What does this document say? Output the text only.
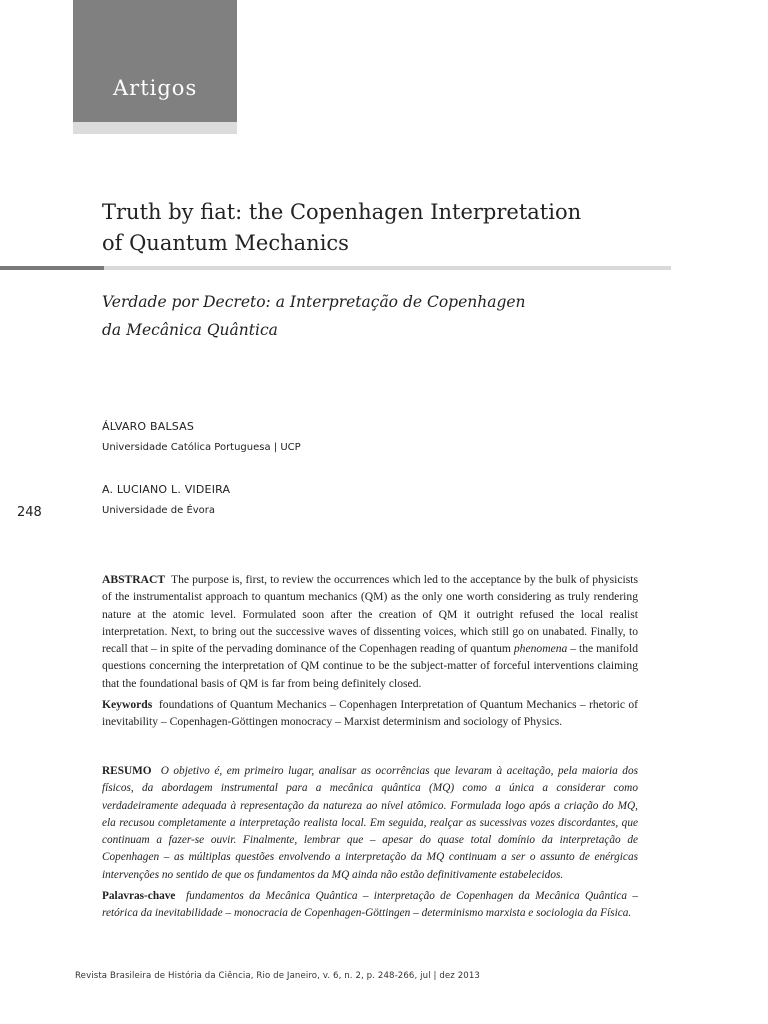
Artigos
Truth by fiat: the Copenhagen Interpretation
of Quantum Mechanics
Verdade por Decreto: a Interpretação de Copenhagen
da Mecânica Quântica
ÁLVARO BALSAS
Universidade Católica Portuguesa | UCP
A. LUCIANO L. VIDEIRA
Universidade de Évora
248
ABSTRACT The purpose is, first, to review the occurrences which led to the acceptance by the bulk of physicists of the instrumentalist approach to quantum mechanics (QM) as the only one worth considering as truly rendering nature at the atomic level. Formulated soon after the creation of QM it outright refused the local realist interpretation. Next, to bring out the successive waves of dissenting voices, which still go on unabated. Finally, to recall that – in spite of the pervading dominance of the Copenhagen reading of quantum phenomena – the manifold questions concerning the interpretation of QM continue to be the subject-matter of forceful interventions claiming that the foundational basis of QM is far from being definitely closed.
Keywords foundations of Quantum Mechanics – Copenhagen Interpretation of Quantum Mechanics – rhetoric of inevitability – Copenhagen-Göttingen monocracy – Marxist determinism and sociology of Physics.
RESUMO O objetivo é, em primeiro lugar, analisar as ocorrências que levaram à aceitação, pela maioria dos físicos, da abordagem instrumental para a mecânica quântica (MQ) como a única a considerar como verdadeiramente adequada à representação da natureza ao nível atômico. Formulada logo após a criação do MQ, ela recusou completamente a interpretação realista local. Em seguida, realçar as sucessivas vozes discordantes, que continuam a fazer-se ouvir. Finalmente, lembrar que – apesar do quase total domínio da interpretação de Copenhagen – as múltiplas questões envolvendo a interpretação da MQ continuam a ser o assunto de enérgicas intervenções no sentido de que os fundamentos da MQ ainda não estão definitivamente estabelecidos.
Palavras-chave fundamentos da Mecânica Quântica – interpretação de Copenhagen da Mecânica Quântica – retórica da inevitabilidade – monocracia de Copenhagen-Göttingen – determinismo marxista e sociologia da Física.
Revista Brasileira de História da Ciência, Rio de Janeiro, v. 6, n. 2, p. 248-266, jul | dez 2013
